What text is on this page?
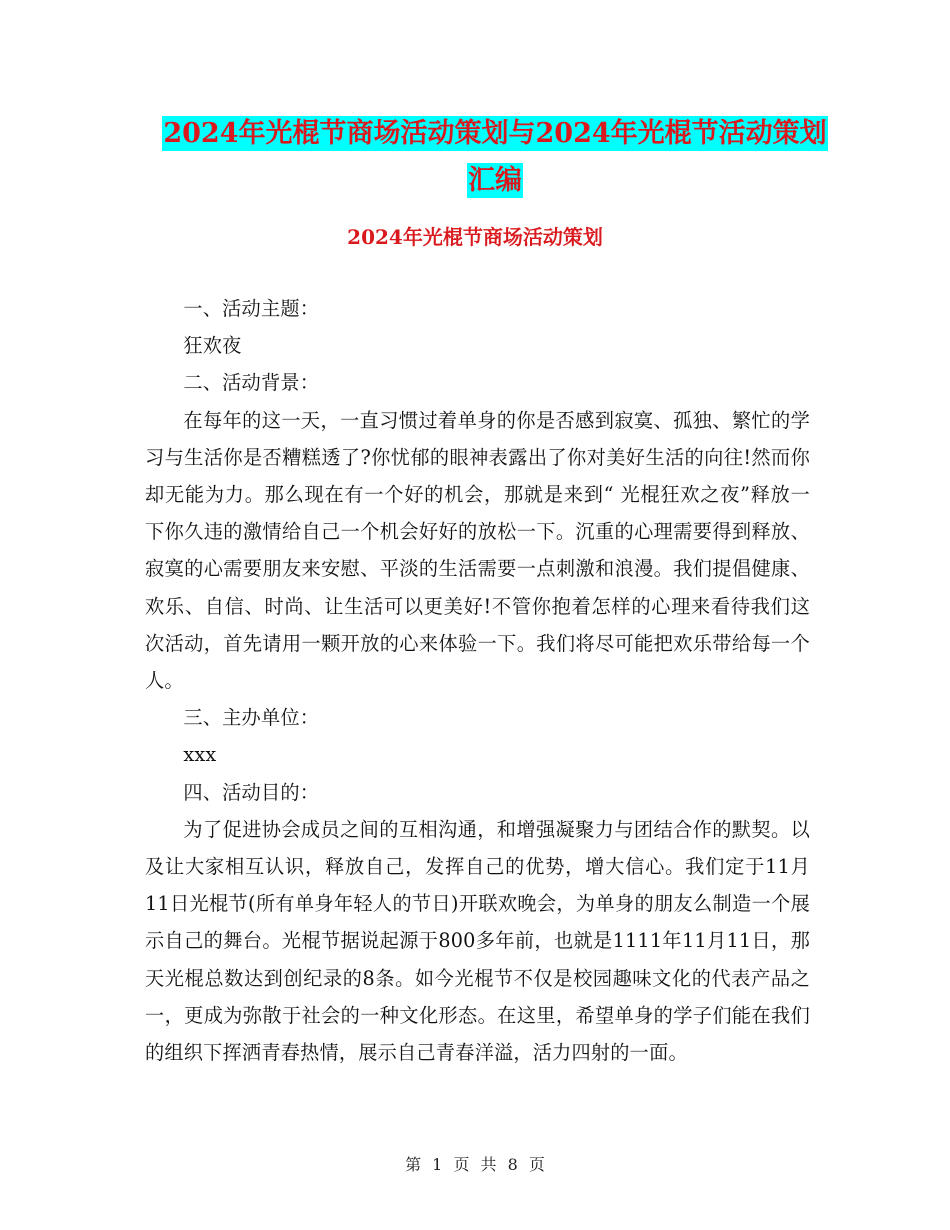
2024年光棍节商场活动策划与2024年光棍节活动策划
汇编
2024年光棍节商场活动策划

一、活动主题：

狂欢夜

二、活动背景：

在每年的这一天，一直习惯过着单身的你是否感到寂寞、孤独、繁忙的学习与生活你是否糟糕透了?你忧郁的眼神表露出了你对美好生活的向往!然而你却无能为力。那么现在有一个好的机会，那就是来到“ 光棍狂欢之夜”释放一下你久违的激情给自己一个机会好好的放松一下。沉重的心理需要得到释放、寂寞的心需要朋友来安慰、平淡的生活需要一点刺激和浪漫。我们提倡健康、欢乐、自信、时尚、让生活可以更美好!不管你抱着怎样的心理来看待我们这次活动，首先请用一颗开放的心来体验一下。我们将尽可能把欢乐带给每一个人。

三、主办单位：

xxx

四、活动目的：

为了促进协会成员之间的互相沟通，和增强凝聚力与团结合作的默契。以及让大家相互认识，释放自己，发挥自己的优势，增大信心。我们定于11月11日光棍节(所有单身年轻人的节日)开联欢晚会，为单身的朋友么制造一个展示自己的舞台。光棍节据说起源于800多年前，也就是1111年11月11日，那天光棍总数达到创纪录的8条。如今光棍节不仅是校园趣味文化的代表产品之一，更成为弥散于社会的一种文化形态。在这里，希望单身的学子们能在我们的组织下挥洒青春热情，展示自己青春洋溢，活力四射的一面。

第 1 页 共 8 页
